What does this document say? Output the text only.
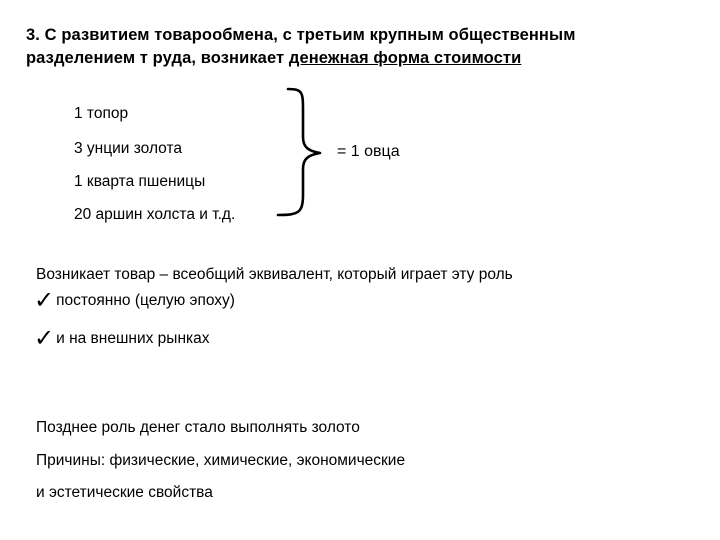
3. С развитием товарообмена, с третьим крупным общественным
разделением т руда, возникает денежная форма стоимости
1 топор
3 унции золота
1 кварта пшеницы
20 аршин холста и т.д.
= 1 овца
Возникает товар – всеобщий эквивалент, который играет эту роль
✓ постоянно (целую эпоху)
✓ и на внешних рынках
Позднее роль денег стало выполнять золото
Причины: физические, химические, экономические
и эстетические свойства
